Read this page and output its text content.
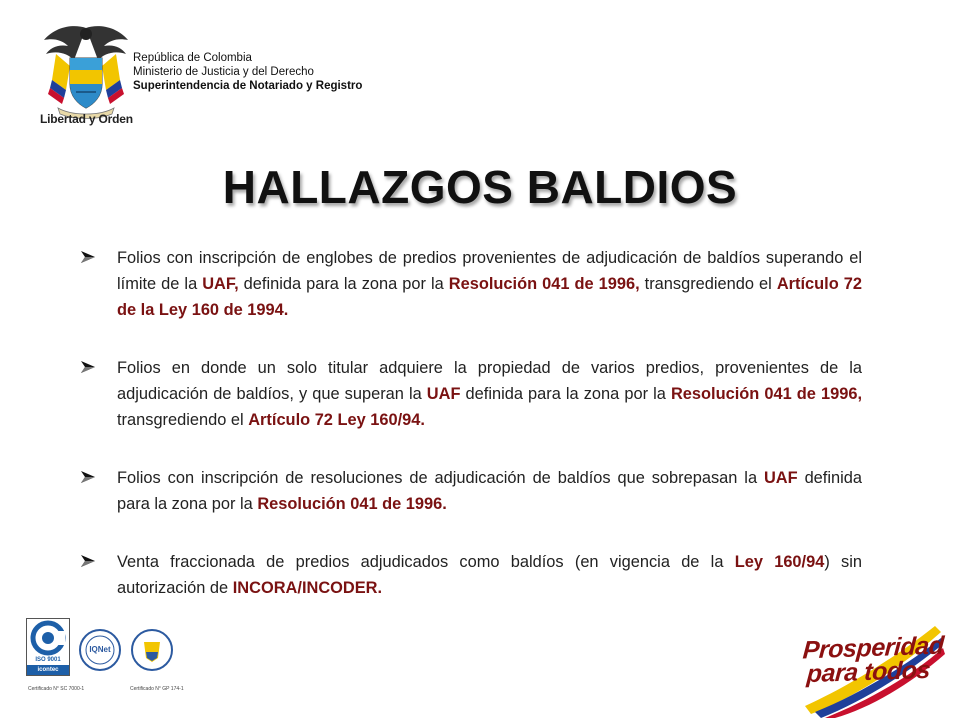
Libertad y Orden
República de Colombia
Ministerio de Justicia y del Derecho
Superintendencia de Notariado y Registro
HALLAZGOS BALDIOS
Folios con inscripción de englobes de predios provenientes de adjudicación de baldíos superando el límite de la UAF, definida para la zona por la Resolución 041 de 1996, transgrediendo el Artículo 72 de la Ley 160 de 1994.
Folios en donde un solo titular adquiere la propiedad de varios predios, provenientes de la adjudicación de baldíos, y que superan la UAF definida para la zona por la Resolución 041 de 1996, transgrediendo el Artículo 72 Ley 160/94.
Folios con inscripción de resoluciones de adjudicación de baldíos que sobrepasan la UAF definida para la zona por la Resolución 041 de 1996.
Venta fraccionada de predios adjudicados como baldíos (en vigencia de la Ley 160/94) sin autorización de INCORA/INCODER.
ISO 9001
icontec
Certificado N° SC 7000-1
IQNet
Certificado N° GP 174-1
Prosperidad
para todos
